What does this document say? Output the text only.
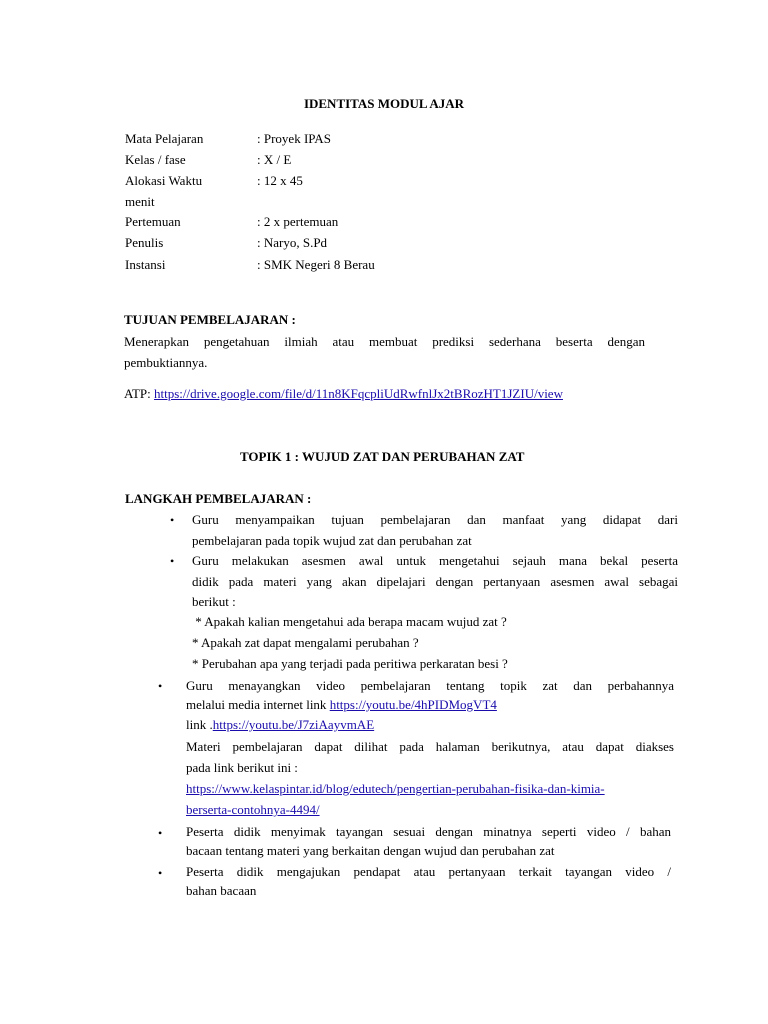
IDENTITAS MODUL AJAR
Mata Pelajaran	: Proyek IPAS
Kelas / fase	: X / E
Alokasi Waktu	: 12 x 45
menit
Pertemuan	: 2 x pertemuan
Penulis	: Naryo, S.Pd
Instansi	: SMK Negeri 8 Berau
TUJUAN PEMBELAJARAN :
Menerapkan pengetahuan ilmiah atau membuat prediksi sederhana beserta dengan
pembuktiannya.
ATP: https://drive.google.com/file/d/11n8KFqcpliUdRwfnlJx2tBRozHT1JZIU/view
TOPIK 1 : WUJUD ZAT DAN PERUBAHAN ZAT
LANGKAH PEMBELAJARAN :
• Guru menyampaikan tujuan pembelajaran dan manfaat yang didapat dari
pembelajaran pada topik wujud zat dan perubahan zat
• Guru melakukan asesmen awal untuk mengetahui sejauh mana bekal peserta
didik pada materi yang akan dipelajari dengan pertanyaan asesmen awal sebagai
berikut :
* Apakah kalian mengetahui ada berapa macam wujud zat ?
* Apakah zat dapat mengalami perubahan ?
* Perubahan apa yang terjadi pada peritiwa perkaratan besi ?
• Guru menayangkan video pembelajaran tentang topik zat dan perbahannya
melalui media internet link https://youtu.be/4hPIDMogVT4
link .https://youtu.be/J7ziAayvmAE
Materi pembelajaran dapat dilihat pada halaman berikutnya, atau dapat diakses
pada link berikut ini :
https://www.kelaspintar.id/blog/edutech/pengertian-perubahan-fisika-dan-kimia-
berserta-contohnya-4494/
• Peserta didik menyimak tayangan sesuai dengan minatnya seperti video / bahan
bacaan tentang materi yang berkaitan dengan wujud dan perubahan zat
• Peserta didik mengajukan pendapat atau pertanyaan terkait tayangan video /
bahan bacaan
